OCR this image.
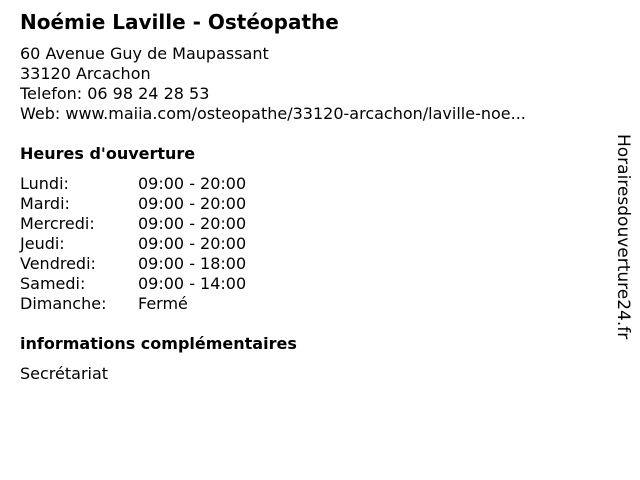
Noémie Laville - Ostéopathe
60 Avenue Guy de Maupassant
33120 Arcachon
Telefon: 06 98 24 28 53
Web: www.maiia.com/osteopathe/33120-arcachon/laville-noe...
Heures d'ouverture
Lundi:	09:00 - 20:00
Mardi:	09:00 - 20:00
Mercredi:	09:00 - 20:00
Jeudi:	09:00 - 20:00
Vendredi:	09:00 - 18:00
Samedi:	09:00 - 14:00
Dimanche:	Fermé
informations complémentaires
Secrétariat
Horairesdouverture24.fr
